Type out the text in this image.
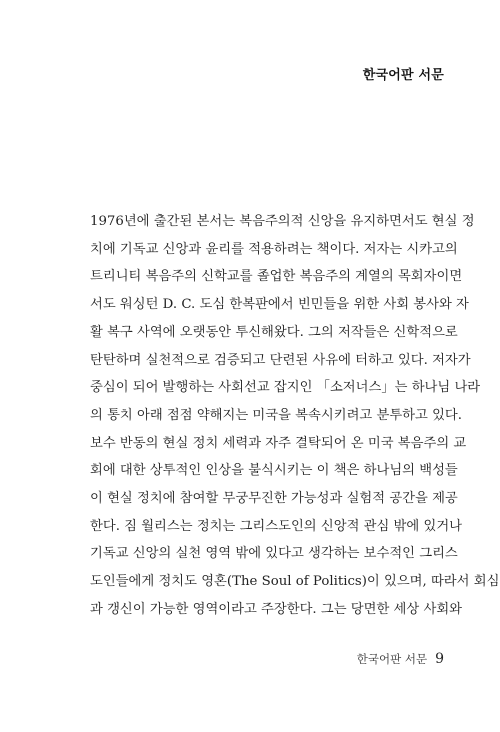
한국어판 서문
1976년에 출간된 본서는 복음주의적 신앙을 유지하면서도 현실 정
치에 기독교 신앙과 윤리를 적용하려는 책이다. 저자는 시카고의
트리니티 복음주의 신학교를 졸업한 복음주의 계열의 목회자이면
서도 워싱턴 D. C. 도심 한복판에서 빈민들을 위한 사회 봉사와 자
활 복구 사역에 오랫동안 투신해왔다. 그의 저작들은 신학적으로
탄탄하며 실천적으로 검증되고 단련된 사유에 터하고 있다. 저자가
중심이 되어 발행하는 사회선교 잡지인 「소저너스」는 하나님 나라
의 통치 아래 점점 약해지는 미국을 복속시키려고 분투하고 있다.
보수 반동의 현실 정치 세력과 자주 결탁되어 온 미국 복음주의 교
회에 대한 상투적인 인상을 불식시키는 이 책은 하나님의 백성들
이 현실 정치에 참여할 무궁무진한 가능성과 실험적 공간을 제공
한다. 짐 월리스는 정치는 그리스도인의 신앙적 관심 밖에 있거나
기독교 신앙의 실천 영역 밖에 있다고 생각하는 보수적인 그리스
도인들에게 정치도 영혼(The Soul of Politics)이 있으며, 따라서 회심
과 갱신이 가능한 영역이라고 주장한다. 그는 당면한 세상 사회와
한국어판 서문 9
